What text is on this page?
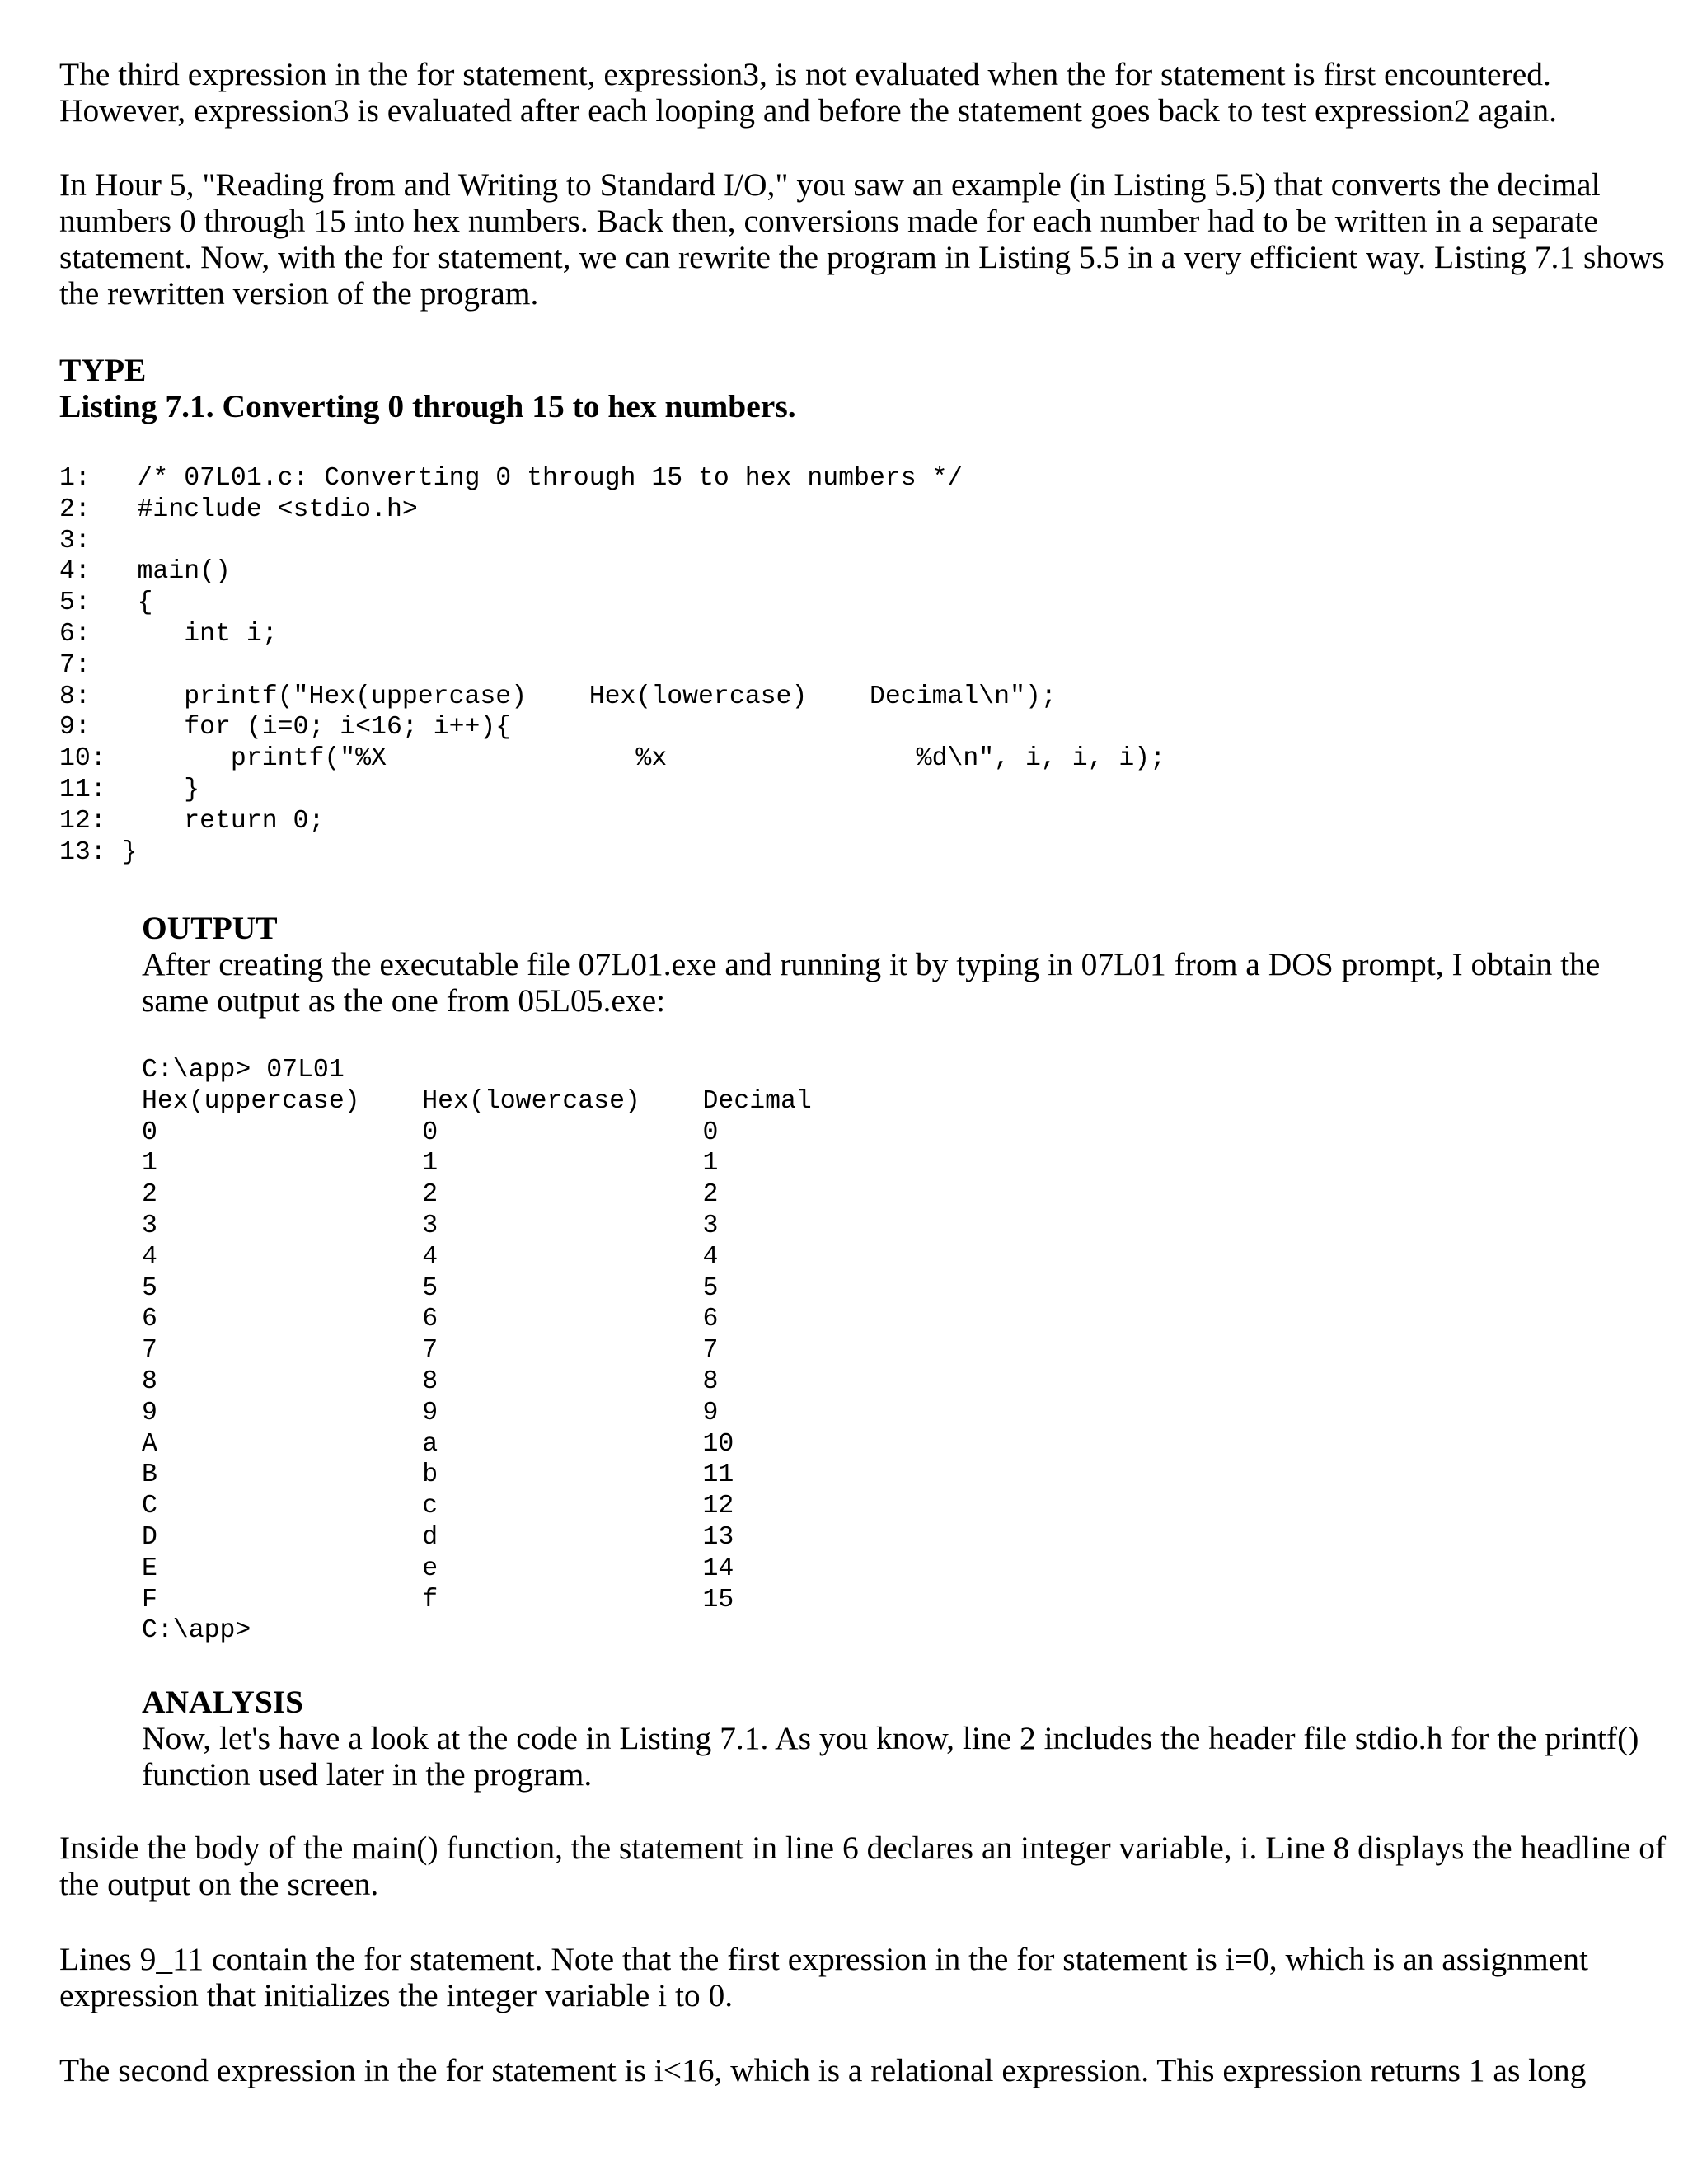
The third expression in the for statement, expression3, is not evaluated when the for statement is first encountered. However, expression3 is evaluated after each looping and before the statement goes back to test expression2 again.

In Hour 5, "Reading from and Writing to Standard I/O," you saw an example (in Listing 5.5) that converts the decimal numbers 0 through 15 into hex numbers. Back then, conversions made for each number had to be written in a separate statement. Now, with the for statement, we can rewrite the program in Listing 5.5 in a very efficient way. Listing 7.1 shows the rewritten version of the program.

TYPE

Listing 7.1. Converting 0 through 15 to hex numbers.

1:   /* 07L01.c: Converting 0 through 15 to hex numbers */
2:   #include <stdio.h>
3:
4:   main()
5:   {
6:      int i;
7:
8:      printf("Hex(uppercase)    Hex(lowercase)    Decimal\n");
9:      for (i=0; i<16; i++){
10:        printf("%X                %x                %d\n", i, i, i);
11:     }
12:     return 0;
13: }

OUTPUT

After creating the executable file 07L01.exe and running it by typing in 07L01 from a DOS prompt, I obtain the same output as the one from 05L05.exe:

C:\app> 07L01
Hex(uppercase)    Hex(lowercase)    Decimal
0                 0                 0
1                 1                 1
2                 2                 2
3                 3                 3
4                 4                 4
5                 5                 5
6                 6                 6
7                 7                 7
8                 8                 8
9                 9                 9
A                 a                 10
B                 b                 11
C                 c                 12
D                 d                 13
E                 e                 14
F                 f                 15
C:\app>

ANALYSIS

Now, let's have a look at the code in Listing 7.1. As you know, line 2 includes the header file stdio.h for the printf() function used later in the program.

Inside the body of the main() function, the statement in line 6 declares an integer variable, i. Line 8 displays the headline of the output on the screen.

Lines 9_11 contain the for statement. Note that the first expression in the for statement is i=0, which is an assignment expression that initializes the integer variable i to 0.

The second expression in the for statement is i<16, which is a relational expression. This expression returns 1 as long
